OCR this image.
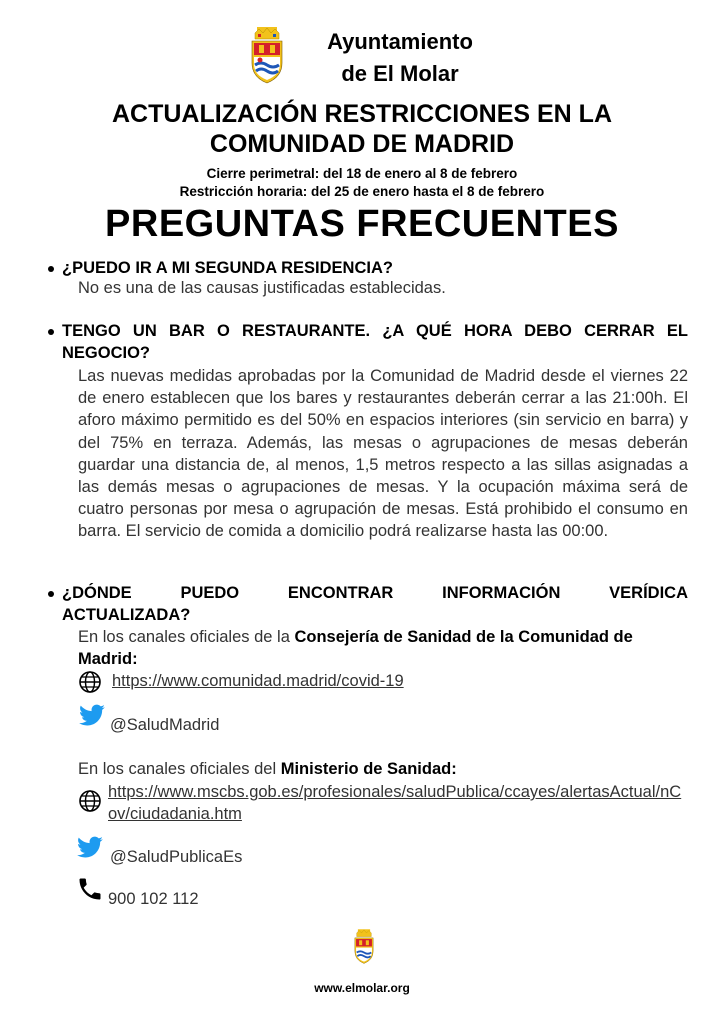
Ayuntamiento
de El Molar
ACTUALIZACIÓN RESTRICCIONES EN LA
COMUNIDAD DE MADRID
Cierre perimetral: del 18 de enero al 8 de febrero
Restricción horaria: del 25 de enero hasta el 8 de febrero
PREGUNTAS FRECUENTES
¿PUEDO IR A MI SEGUNDA RESIDENCIA?
No es una de las causas justificadas establecidas.
TENGO UN BAR O RESTAURANTE. ¿A QUÉ HORA DEBO CERRAR EL NEGOCIO?
Las nuevas medidas aprobadas por la Comunidad de Madrid desde el viernes 22 de enero establecen que los bares y restaurantes deberán cerrar a las 21:00h. El aforo máximo permitido es del 50% en espacios interiores (sin servicio en barra) y del 75% en terraza. Además, las mesas o agrupaciones de mesas deberán guardar una distancia de, al menos, 1,5 metros respecto a las sillas asignadas a las demás mesas o agrupaciones de mesas. Y la ocupación máxima será de cuatro personas por mesa o agrupación de mesas. Está prohibido el consumo en barra. El servicio de comida a domicilio podrá realizarse hasta las 00:00.
¿DÓNDE PUEDO ENCONTRAR INFORMACIÓN VERÍDICA
ACTUALIZADA?
En los canales oficiales de la Consejería de Sanidad de la Comunidad de Madrid:
https://www.comunidad.madrid/covid-19
@SaludMadrid
En los canales oficiales del Ministerio de Sanidad:
https://www.mscbs.gob.es/profesionales/saludPublica/ccayes/alertasActual/nCov/ciudadania.htm
@SaludPublicaEs
900 102 112
www.elmolar.org
